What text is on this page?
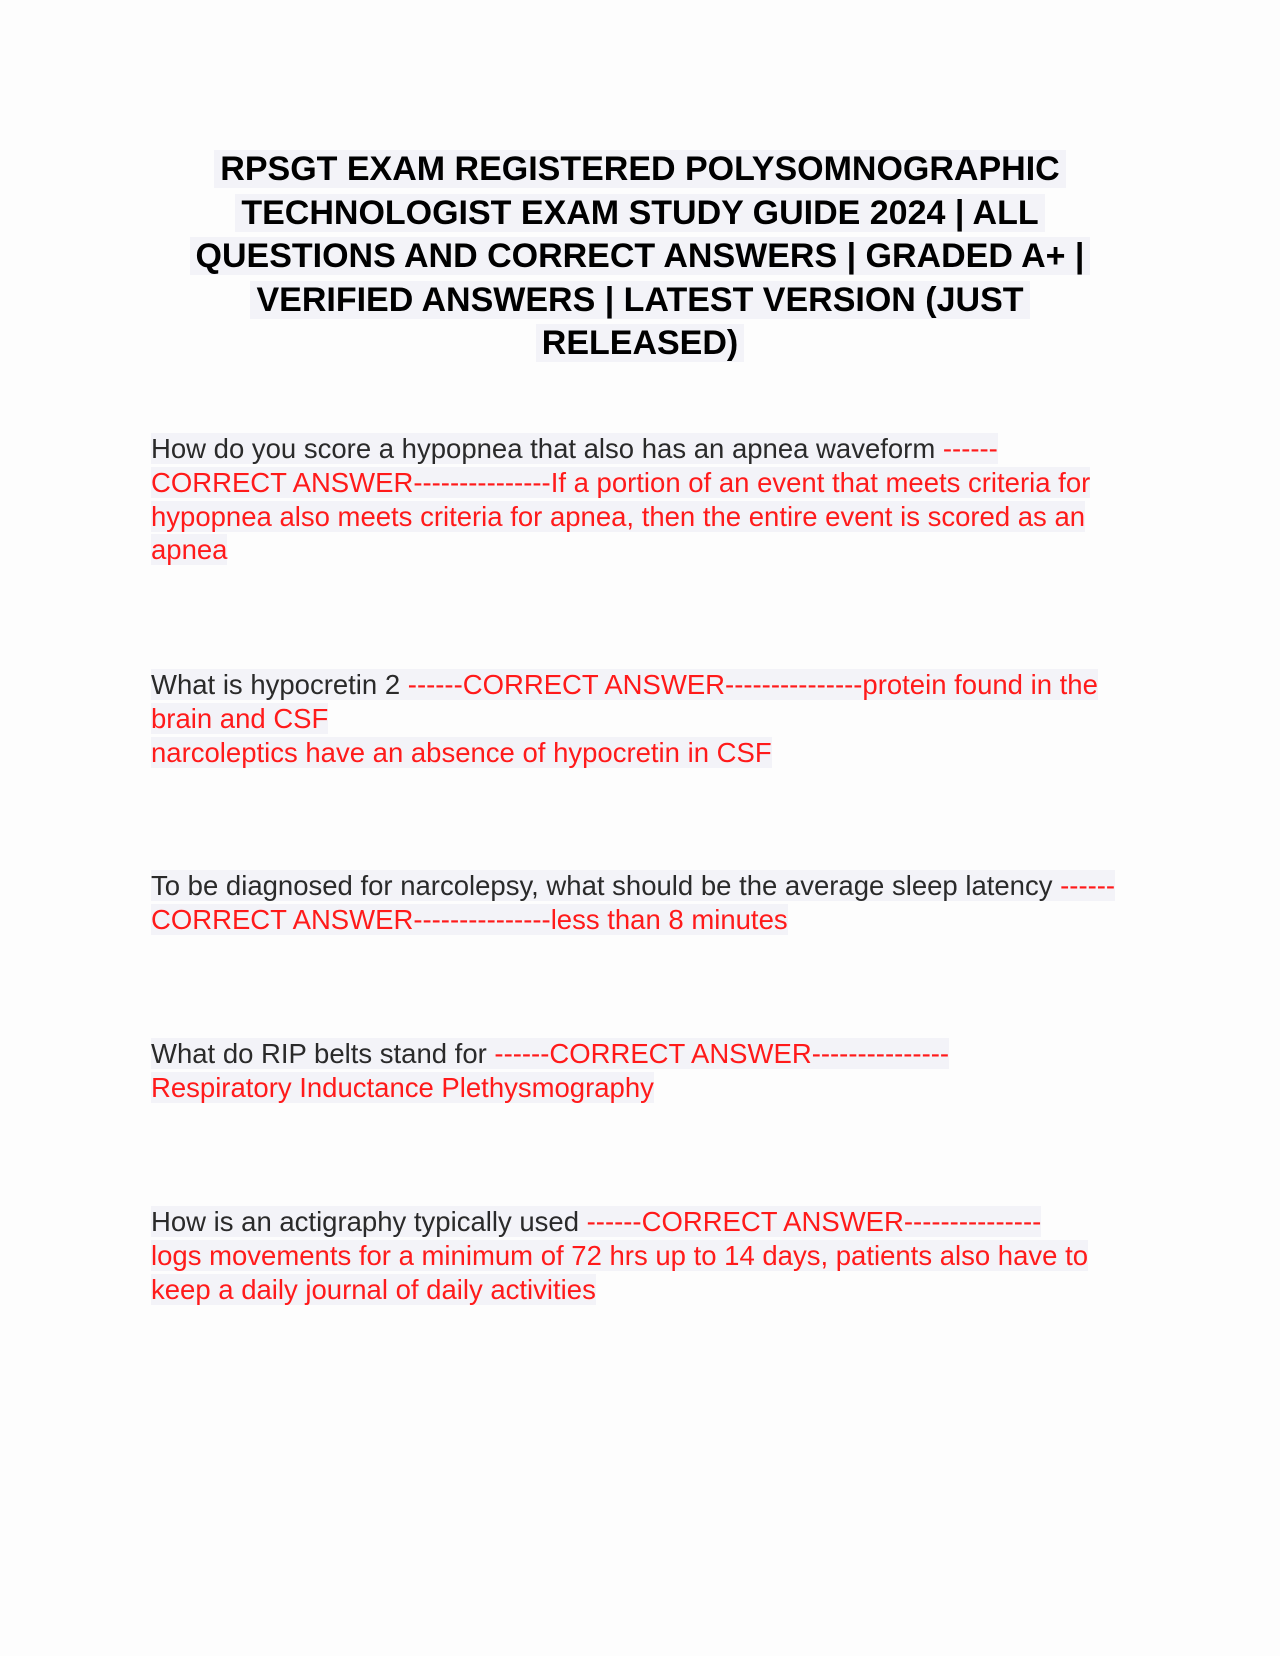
RPSGT EXAM REGISTERED POLYSOMNOGRAPHIC TECHNOLOGIST EXAM STUDY GUIDE 2024 | ALL QUESTIONS AND CORRECT ANSWERS | GRADED A+ | VERIFIED ANSWERS | LATEST VERSION (JUST RELEASED)
How do you score a hypopnea that also has an apnea waveform ------CORRECT ANSWER---------------If a portion of an event that meets criteria for hypopnea also meets criteria for apnea, then the entire event is scored as an apnea
What is hypocretin 2 ------CORRECT ANSWER---------------protein found in the brain and CSF
narcoleptics have an absence of hypocretin in CSF
To be diagnosed for narcolepsy, what should be the average sleep latency ------CORRECT ANSWER---------------less than 8 minutes
What do RIP belts stand for ------CORRECT ANSWER---------------
Respiratory Inductance Plethysmography
How is an actigraphy typically used ------CORRECT ANSWER---------------
logs movements for a minimum of 72 hrs up to 14 days, patients also have to keep a daily journal of daily activities
